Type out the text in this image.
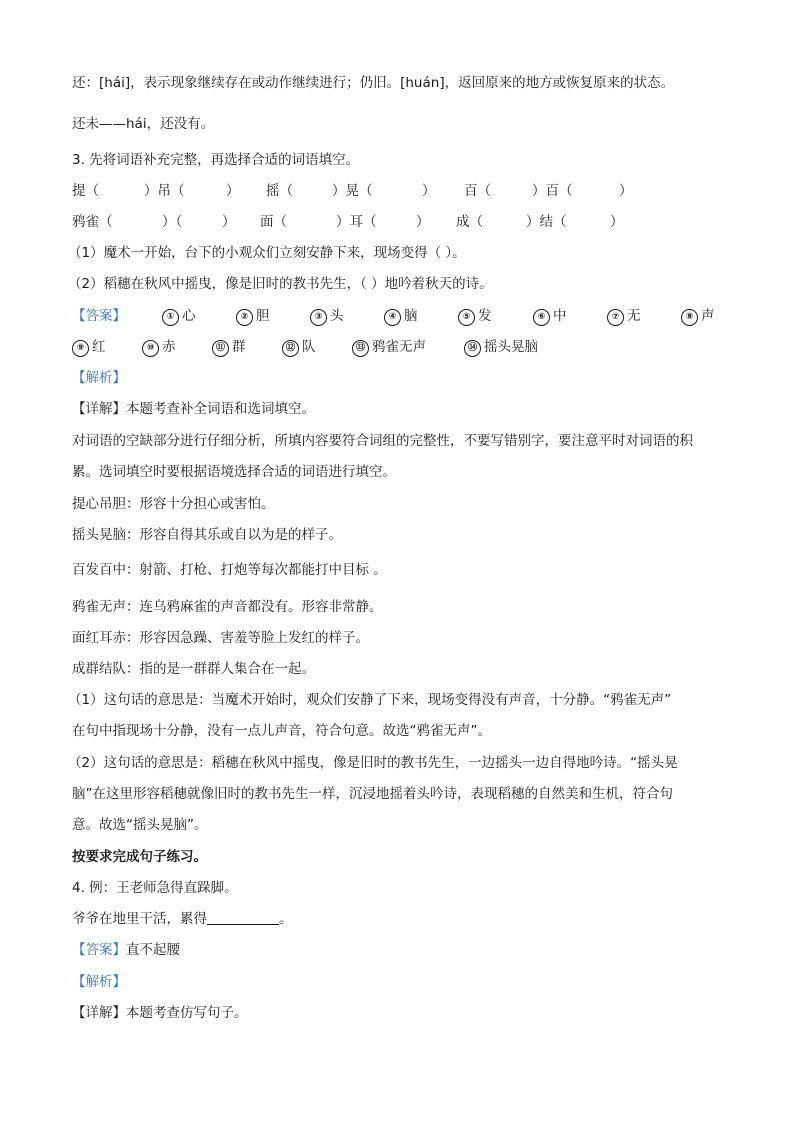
还：[hái]，表示现象继续存在或动作继续进行；仍旧。[huán]，返回原来的地方或恢复原来的状态。
还未——hái，还没有。
3. 先将词语补充完整，再选择合适的词语填空。
提（	）吊（	） 摇（	）晃（	） 百（	）百（	）
鸦雀（	）（	） 面（	）耳（	） 成（	）结（	）
（1）魔术一开始，台下的小观众们立刻安静下来，现场变得（ ）。
（2）稻穗在秋风中摇曳，像是旧时的教书先生，（ ）地吟着秋天的诗。
【答案】	① 心	② 胆	③ 头	④ 脑	⑤ 发	⑥ 中	⑦ 无	⑧ 声
⑨ 红	⑩ 赤	⑪ 群	⑫ 队	⑬ 鸦雀无声	⑭ 摇头晃脑
【解析】
【详解】本题考查补全词语和选词填空。
对词语的空缺部分进行仔细分析，所填内容要符合词组的完整性，不要写错别字，要注意平时对词语的积
累。选词填空时要根据语境选择合适的词语进行填空。
提心吊胆：形容十分担心或害怕。
摇头晃脑：形容自得其乐或自以为是的样子。
百发百中：射箭、打枪、打炮等每次都能打中目标 。
鸦雀无声：连乌鸦麻雀的声音都没有。形容非常静。
面红耳赤：形容因急躁、害羞等脸上发红的样子。
成群结队：指的是一群群人集合在一起。
（1）这句话的意思是：当魔术开始时，观众们安静了下来，现场变得没有声音，十分静。“鸦雀无声”
在句中指现场十分静，没有一点儿声音，符合句意。故选“鸦雀无声”。
（2）这句话的意思是：稻穗在秋风中摇曳，像是旧时的教书先生，一边摇头一边自得地吟诗。“摇头晃
脑”在这里形容稻穗就像旧时的教书先生一样，沉浸地摇着头吟诗，表现稻穗的自然美和生机，符合句
意。故选“摇头晃脑”。
按要求完成句子练习。
4. 例：王老师急得直跺脚。
爷爷在地里干活，累得	。
【答案】直不起腰
【解析】
【详解】本题考查仿写句子。
